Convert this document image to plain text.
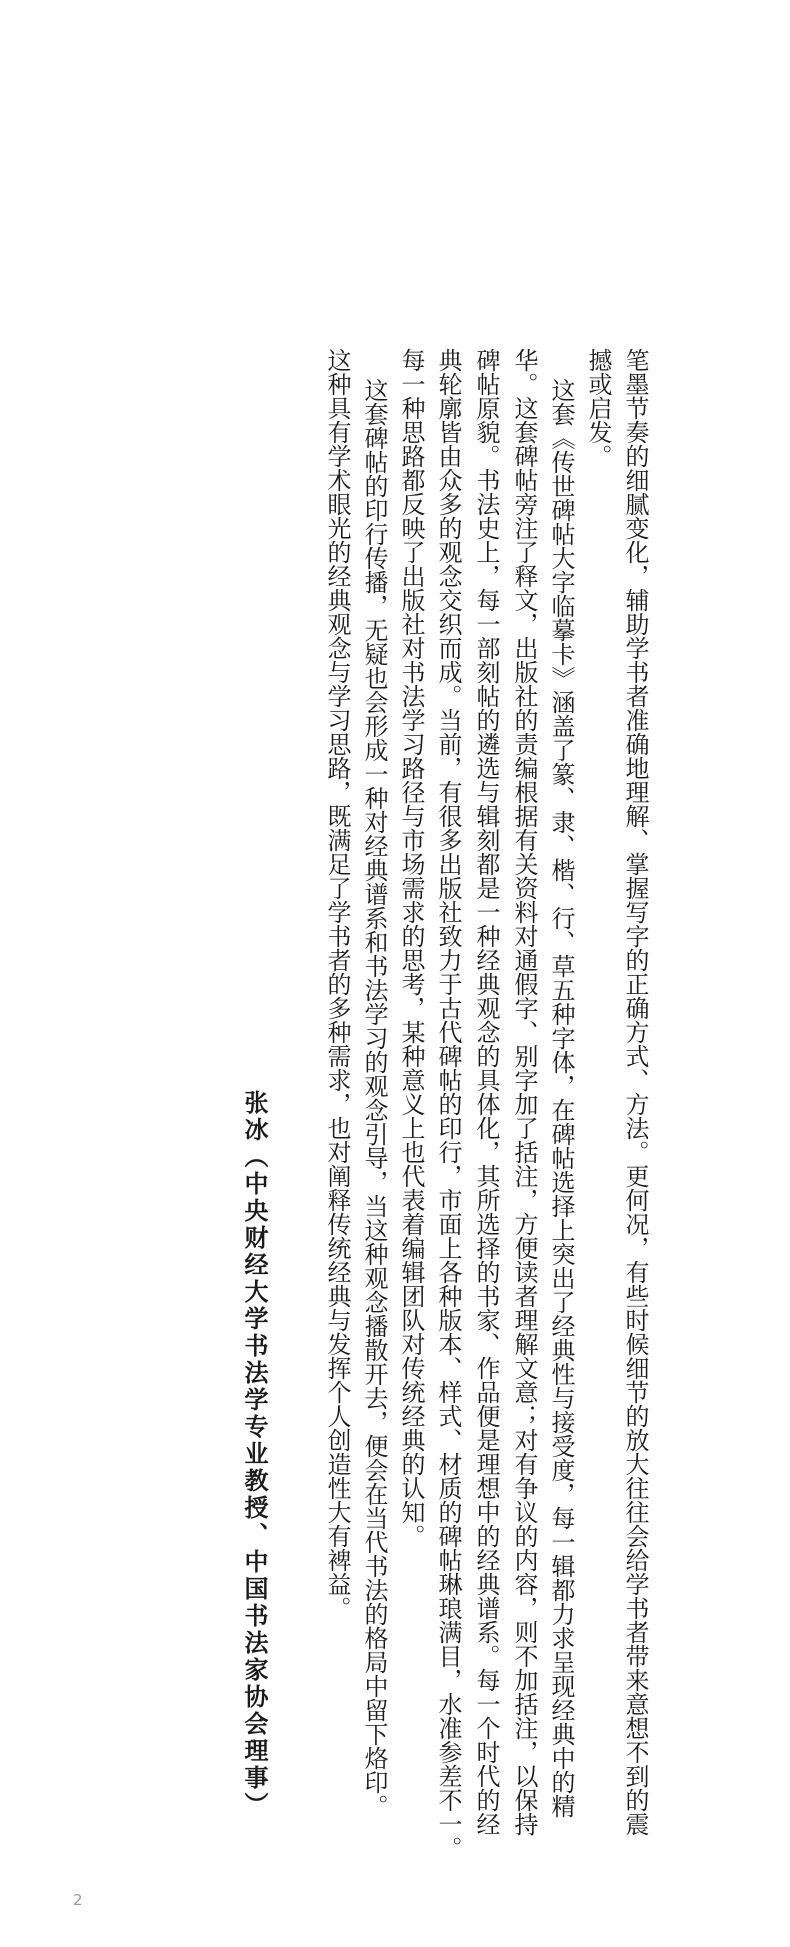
笔墨节奏的细腻变化，辅助学书者准确地理解、掌握写字的正确方式、方法。更何况，有些时候细节的放大往往会给学书者带来意想不到的震
撼或启发。
这套《传世碑帖大字临摹卡》涵盖了篆、隶、楷、行、草五种字体，在碑帖选择上突出了经典性与接受度，每一辑都力求呈现经典中的精
华。这套碑帖旁注了释文，出版社的责编根据有关资料对通假字、别字加了括注，方便读者理解文意；对有争议的内容，则不加括注，以保持
碑帖原貌。书法史上，每一部刻帖的遴选与辑刻都是一种经典观念的具体化，其所选择的书家、作品便是理想中的经典谱系。每一个时代的经
典轮廓皆由众多的观念交织而成。当前，有很多出版社致力于古代碑帖的印行，市面上各种版本、样式、材质的碑帖琳琅满目，水准参差不一。
每一种思路都反映了出版社对书法学习路径与市场需求的思考，某种意义上也代表着编辑团队对传统经典的认知。
这套碑帖的印行传播，无疑也会形成一种对经典谱系和书法学习的观念引导，当这种观念播散开去，便会在当代书法的格局中留下烙印。
这种具有学术眼光的经典观念与学习思路，既满足了学书者的多种需求，也对阐释传统经典与发挥个人创造性大有裨益。
张冰（中央财经大学书法学专业教授、中国书法家协会理事）
2
